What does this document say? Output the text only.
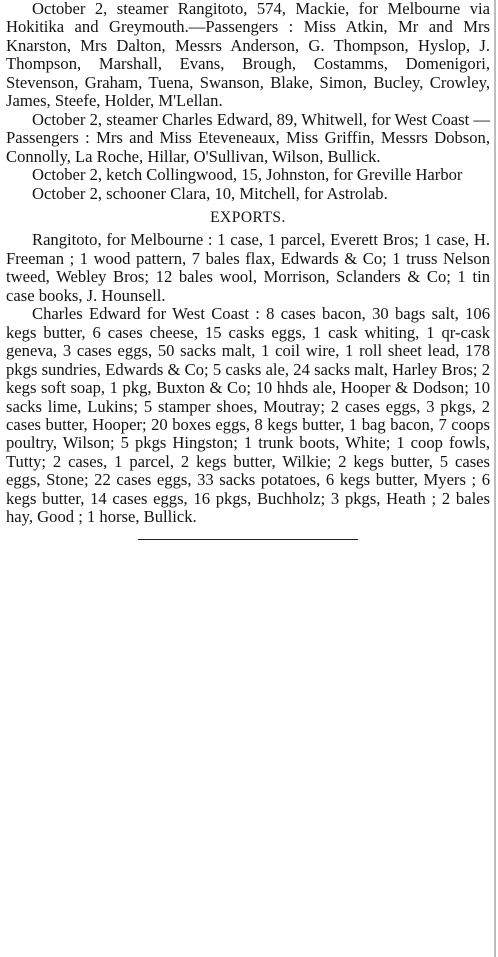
October 2, steamer Rangitoto, 574, Mackie, for Melbourne via Hokitika and Greymouth.—Passengers : Miss Atkin, Mr and Mrs Knarston, Mrs Dalton, Messrs Anderson, G. Thompson, Hyslop, J. Thompson, Marshall, Evans, Brough, Costamms, Domenigori, Stevenson, Graham, Tuena, Swanson, Blake, Simon, Bucley, Crowley, James, Steefe, Holder, M'Lellan.

October 2, steamer Charles Edward, 89, Whitwell, for West Coast — Passengers : Mrs and Miss Eteveneaux, Miss Griffin, Messrs Dobson, Connolly, La Roche, Hillar, O'Sullivan, Wilson, Bullick.

October 2, ketch Collingwood, 15, Johnston, for Greville Harbor

October 2, schooner Clara, 10, Mitchell, for Astrolab.

EXPORTS.

Rangitoto, for Melbourne : 1 case, 1 parcel, Everett Bros; 1 case, H. Freeman ; 1 wood pattern, 7 bales flax, Edwards & Co; 1 truss Nelson tweed, Webley Bros; 12 bales wool, Morrison, Sclanders & Co; 1 tin case books, J. Hounsell.

Charles Edward for West Coast : 8 cases bacon, 30 bags salt, 106 kegs butter, 6 cases cheese, 15 casks eggs, 1 cask whiting, 1 qr-cask geneva, 3 cases eggs, 50 sacks malt, 1 coil wire, 1 roll sheet lead, 178 pkgs sundries, Edwards & Co; 5 casks ale, 24 sacks malt, Harley Bros; 2 kegs soft soap, 1 pkg, Buxton & Co; 10 hhds ale, Hooper & Dodson; 10 sacks lime, Lukins; 5 stamper shoes, Moutray; 2 cases eggs, 3 pkgs, 2 cases butter, Hooper; 20 boxes eggs, 8 kegs butter, 1 bag bacon, 7 coops poultry, Wilson; 5 pkgs Hingston; 1 trunk boots, White; 1 coop fowls, Tutty; 2 cases, 1 parcel, 2 kegs butter, Wilkie; 2 kegs butter, 5 cases eggs, Stone; 22 cases eggs, 33 sacks potatoes, 6 kegs butter, Myers ; 6 kegs butter, 14 cases eggs, 16 pkgs, Buchholz; 3 pkgs, Heath ; 2 bales hay, Good ; 1 horse, Bullick.
